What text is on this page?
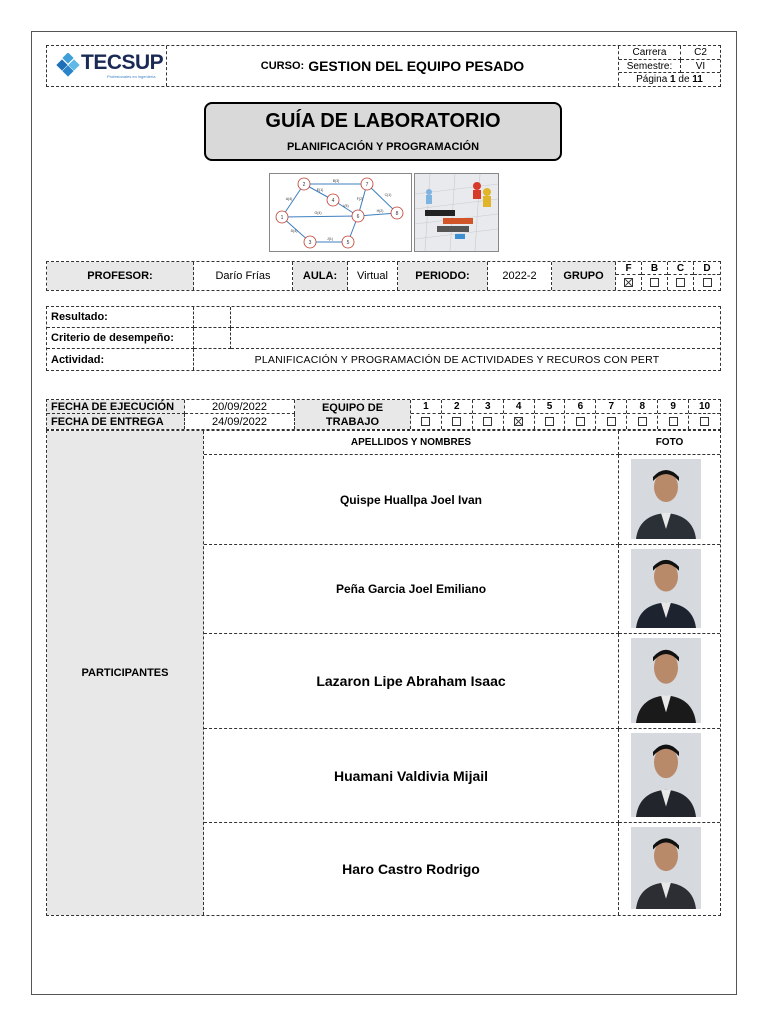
TECSUP
Profesionales en ingeniería
CURSO: GESTION DEL EQUIPO PESADO
Carrera	C2
Semestre:	VI
Página
1
de
11
GUÍA DE LABORATORIO
PLANIFICACIÓN Y PROGRAMACIÓN
2	7
4
1	6	8
3	5
B(3)
E(1)
F(2)
A(4)
I(5)
G(4)	H(2)
C(1)
D(4)
J(1)
PROFESOR:	Darío Frías	AULA:	Virtual	PERIODO:	2022-2	GRUPO
F	B	C	D
Resultado:
Criterio de desempeño:
Actividad:	PLANIFICACIÓN Y PROGRAMACIÓN DE ACTIVIDADES Y RECUROS CON PERT
FECHA DE EJECUCIÓN	20/09/2022
FECHA DE ENTREGA	24/09/2022
EQUIPO DE TRABAJO
1	2	3	4	5	6	7	8	9	10
PARTICIPANTES
APELLIDOS Y NOMBRES	FOTO
Quispe Huallpa Joel Ivan
Peña Garcia Joel Emiliano
Lazaron Lipe Abraham Isaac
Huamani Valdivia Mijail
Haro Castro Rodrigo
